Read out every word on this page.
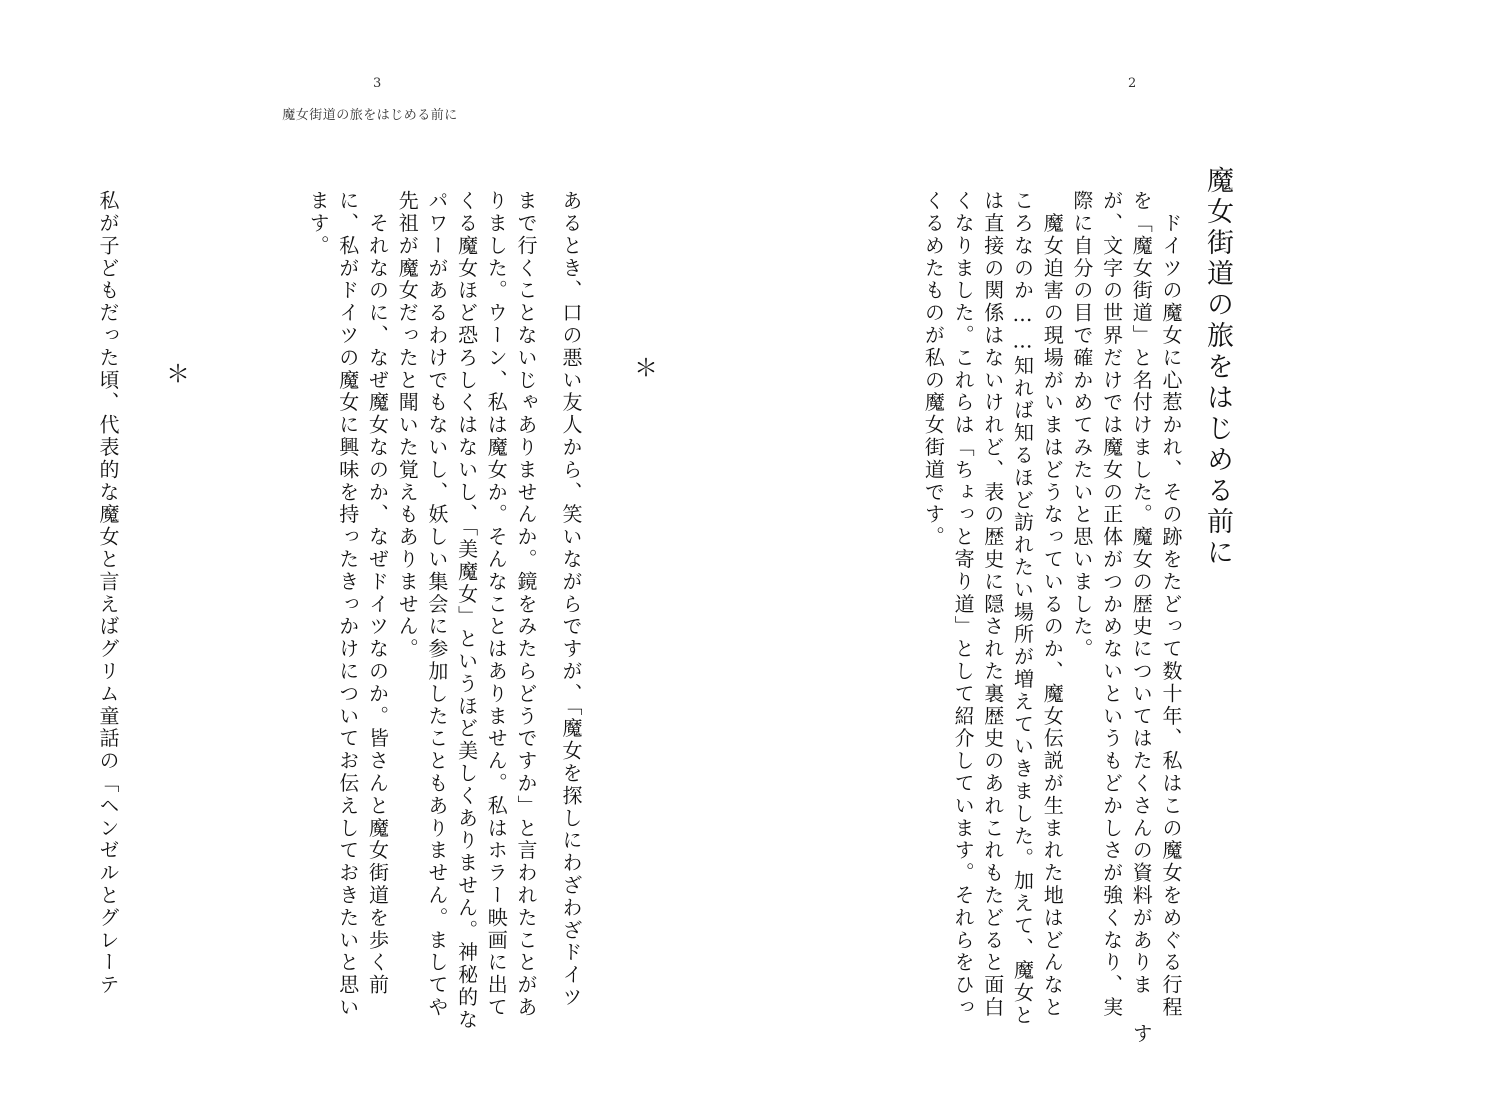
2
魔女街道の旅をはじめる前に
　ドイツの魔女に心惹かれ、その跡をたどって数十年、私はこの魔女をめぐる行程
を「魔女街道」と名付けました。魔女の歴史についてはたくさんの資料がありま す
が、文字の世界だけでは魔女の正体がつかめないというもどかしさが強くなり、実
際に自分の目で確かめてみたいと思いました。
　魔女迫害の現場がいまはどうなっているのか、魔女伝説が生まれた地はどんなと
ころなのか……知れば知るほど訪れたい場所が増えていきました。加えて、魔女と
は直接の関係はないけれど、表の歴史に隠された裏歴史のあれこれもたどると面白
くなりました。これらは「ちょっと寄り道」として紹介しています。それらをひっ
くるめたものが私の魔女街道です。
3
魔女街道の旅をはじめる前に
＊
あるとき、口の悪い友人から、笑いながらですが、「魔女を探しにわざわざドイツ
まで行くことないじゃありませんか。鏡をみたらどうですか」と言われたことがあ
りました。ウーン、私は魔女か。そんなことはありません。私はホラー映画に出て
くる魔女ほど恐ろしくはないし、「美魔女」というほど美しくありません。神秘的な
パワーがあるわけでもないし、妖しい集会に参加したこともありません。ましてや
先祖が魔女だったと聞いた覚えもありません。
　それなのに、なぜ魔女なのか、なぜドイツなのか。皆さんと魔女街道を歩く前
に、私がドイツの魔女に興味を持ったきっかけについてお伝えしておきたいと思い
ます。
＊
私が子どもだった頃、代表的な魔女と言えばグリム童話の「ヘンゼルとグレーテ
